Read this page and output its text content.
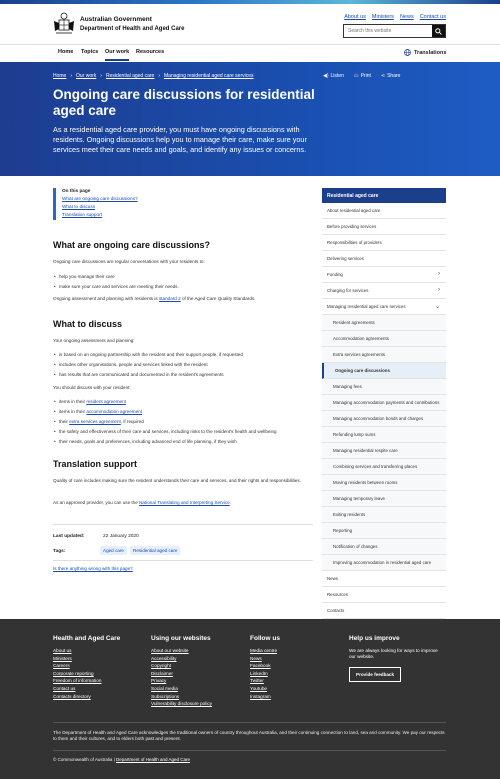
Australian Government
Department of Health and Aged Care
About us Ministers News Contact us
Search this website
Home Topics Our work Resources	Translations
Home › Our work › Residential aged care › Managing residential aged care services	◀) Listen ▭ Print ⋖ Share
Ongoing care discussions for residential aged care

As a residential aged care provider, you must have ongoing discussions with residents. Ongoing discussions help you to manage their care, make sure your services meet their care needs and goals, and identify any issues or concerns.

On this page
What are ongoing care discussions?
What to discuss
Translation support
What are ongoing care discussions?
Ongoing care discussions are regular conversations with your residents to:
• help you manage their care
• make sure your care and services are meeting their needs.
Ongoing assessment and planning with residents is standard 2 of the Aged Care Quality Standards.
What to discuss
Your ongoing assessment and planning:
• is based on an ongoing partnership with the resident and their support people, if requested
• includes other organisations, people and services linked with the resident
• has results that are communicated and documented in the resident's agreements
You should discuss with your resident:
• items in their resident agreement
• items in their accommodation agreement
• their extra services agreement, if required
• the safety and effectiveness of their care and services, including risks to the resident's health and wellbeing
• their needs, goals and preferences, including advanced end of life planning, if they wish
Translation support
Quality of care includes making sure the resident understands their care and services, and their rights and responsibilities.
As an approved provider, you can use the National Translating and Interpreting Service.
Last updated:	22 January 2020
Tags:	Aged care	Residential aged care
Is there anything wrong with this page?
Residential aged care
About residential aged care
Before providing services
Responsibilities of providers
Delivering services
Funding	›
Charging for services	›
Managing residential aged care services	⌄
Resident agreements
Accommodation agreements
Extra services agreements
Ongoing care discussions
Managing fees
Managing accommodation payments and contributions
Managing accommodation bonds and charges
Refunding lump sums
Managing residential respite care
Combining services and transferring places
Moving residents between rooms
Managing temporary leave
Exiting residents
Reporting
Notification of changes
Improving accommodation in residential aged care
News
Resources
Contacts
Health and Aged Care
About us
Ministers
Careers
Corporate reporting
Freedom of information
Contact us
Contacts directory
Using our websites
About our website
Accessibility
Copyright
Disclaimer
Privacy
Social media
Subscriptions
Vulnerability disclosure policy
Follow us
Media centre
News
Facebook
LinkedIn
Twitter
Youtube
Instagram
Help us improve

We are always looking for ways to improve our website.

Provide feedback
The Department of Health and Aged Care acknowledges the traditional owners of country throughout Australia, and their continuing connection to land, sea and community. We pay our respects to them and their cultures, and to elders both past and present.
© Commonwealth of Australia | Department of Health and Aged Care
